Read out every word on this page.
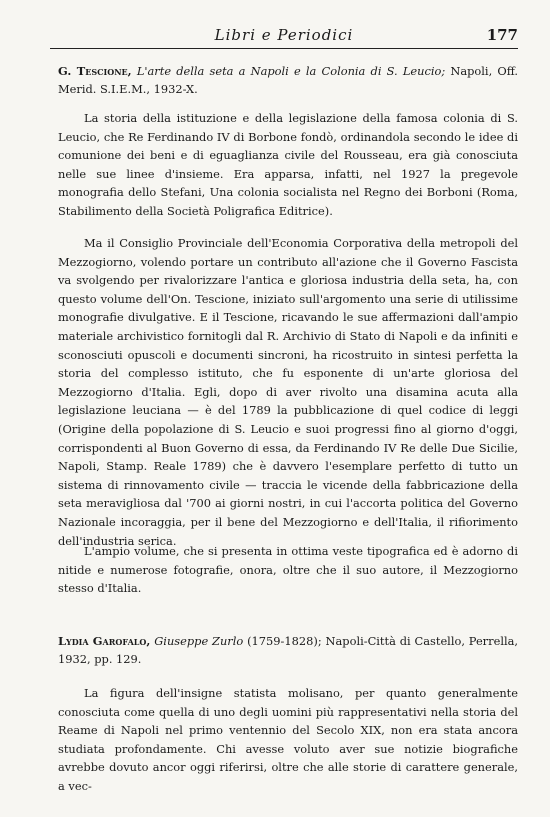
Libri e Periodici	177
G. Tescione, L'arte della seta a Napoli e la Colonia di S. Leucio; Napoli, Off. Merid. S.I.E.M., 1932-X.

La storia della istituzione e della legislazione della famosa colonia di S. Leucio, che Re Ferdinando IV di Borbone fondò, ordinandola secondo le idee di comunione dei beni e di eguaglianza civile del Rousseau, era già conosciuta nelle sue linee d'insieme. Era apparsa, infatti, nel 1927 la pregevole monografia dello Stefani, Una colonia socialista nel Regno dei Borboni (Roma, Stabilimento della Società Poligrafica Editrice).

Ma il Consiglio Provinciale dell'Economia Corporativa della metropoli del Mezzogiorno, volendo portare un contributo all'azione che il Governo Fascista va svolgendo per rivalorizzare l'antica e gloriosa industria della seta, ha, con questo volume dell'On. Tescione, iniziato sull'argomento una serie di utilissime monografie divulgative. E il Tescione, ricavando le sue affermazioni dall'ampio materiale archivistico fornitogli dal R. Archivio di Stato di Napoli e da infiniti e sconosciuti opuscoli e documenti sincroni, ha ricostruito in sintesi perfetta la storia del complesso istituto, che fu esponente di un'arte gloriosa del Mezzogiorno d'Italia. Egli, dopo di aver rivolto una disamina acuta alla legislazione leuciana — è del 1789 la pubblicazione di quel codice di leggi (Origine della popolazione di S. Leucio e suoi progressi fino al giorno d'oggi, corrispondenti al Buon Governo di essa, da Ferdinando IV Re delle Due Sicilie, Napoli, Stamp. Reale 1789) che è davvero l'esemplare perfetto di tutto un sistema di rinnovamento civile — traccia le vicende della fabbricazione della seta meravigliosa dal '700 ai giorni nostri, in cui l'accorta politica del Governo Nazionale incoraggia, per il bene del Mezzogiorno e dell'Italia, il rifiorimento dell'industria serica.

L'ampio volume, che si presenta in ottima veste tipografica ed è adorno di nitide e numerose fotografie, onora, oltre che il suo autore, il Mezzogiorno stesso d'Italia.

Lydia Garofalo, Giuseppe Zurlo (1759-1828); Napoli-Città di Castello, Perrella, 1932, pp. 129.

La figura dell'insigne statista molisano, per quanto generalmente conosciuta come quella di uno degli uomini più rappresentativi nella storia del Reame di Napoli nel primo ventennio del Secolo XIX, non era stata ancora studiata profondamente. Chi avesse voluto aver sue notizie biografiche avrebbe dovuto ancor oggi riferirsi, oltre che alle storie di carattere generale, a vec-
